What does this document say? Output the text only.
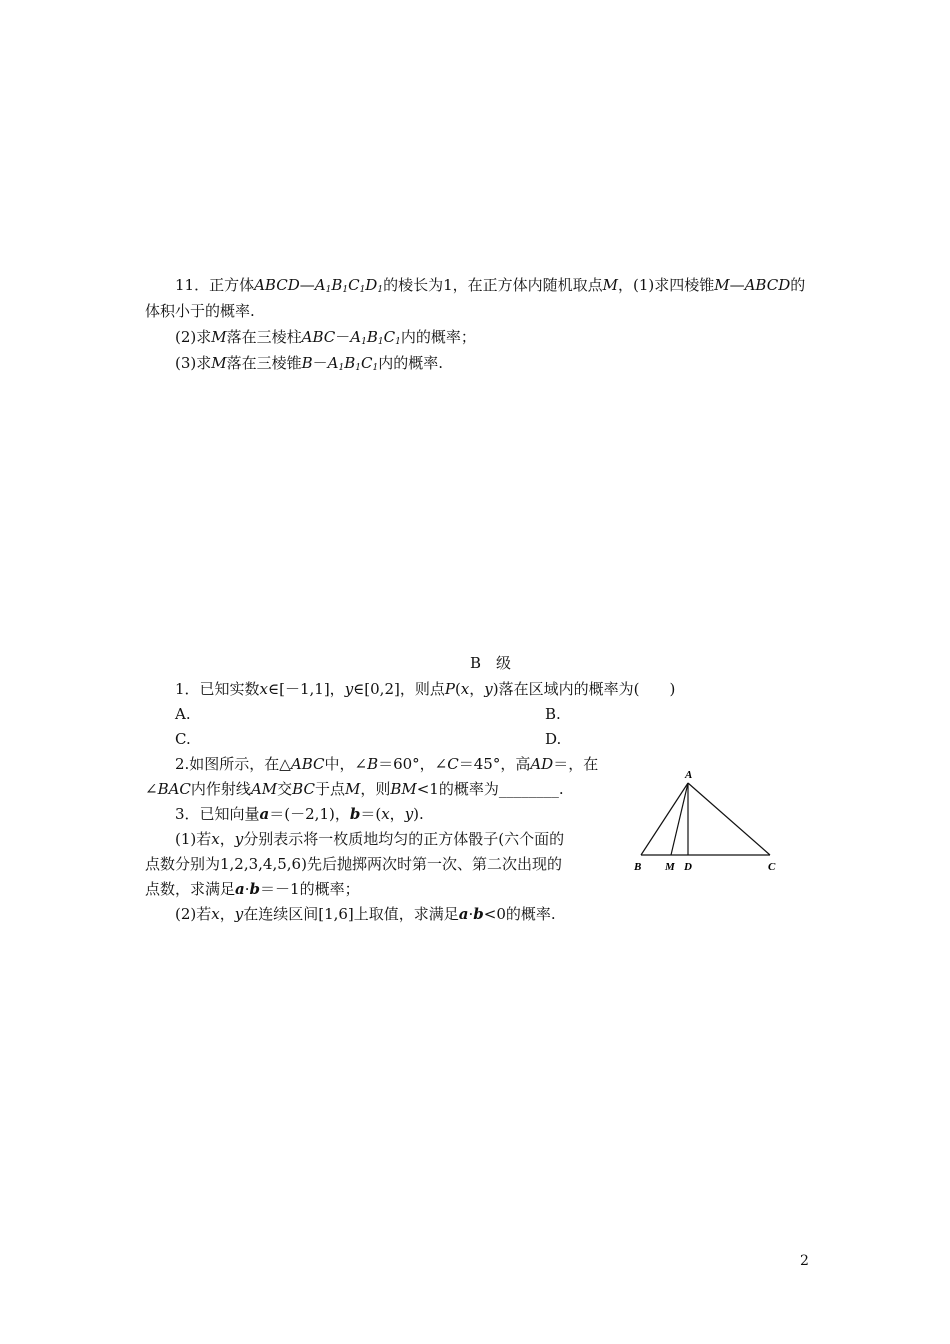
11．正方体$ABCD—A_1B_1C_1D_1$的棱长为1，在正方体内随机取点M，(1)求四棱锥M—ABCD的
体积小于的概率.
(2)求M落在三棱柱$ABC-A_1B_1C_1$内的概率；
(3)求M落在三棱锥$B-A_1B_1C_1$内的概率.
B　级
1．已知实数x∈[－1,1]，y∈[0,2]，则点P(x，y)落在区域内的概率为(　　)
A.	B.
C.	D.
2.如图所示，在△ABC中，∠B＝60°，∠C＝45°，高AD＝，在
∠BAC内作射线AM交BC于点M，则BM<1的概率为________.
3．已知向量a＝(－2,1)，b＝(x，y).
(1)若x，y分别表示将一枚质地均匀的正方体骰子(六个面的
点数分别为1,2,3,4,5,6)先后抛掷两次时第一次、第二次出现的
点数，求满足a·b＝－1的概率；
(2)若x，y在连续区间[1,6]上取值，求满足a·b<0的概率.
A
B M D	C
2
